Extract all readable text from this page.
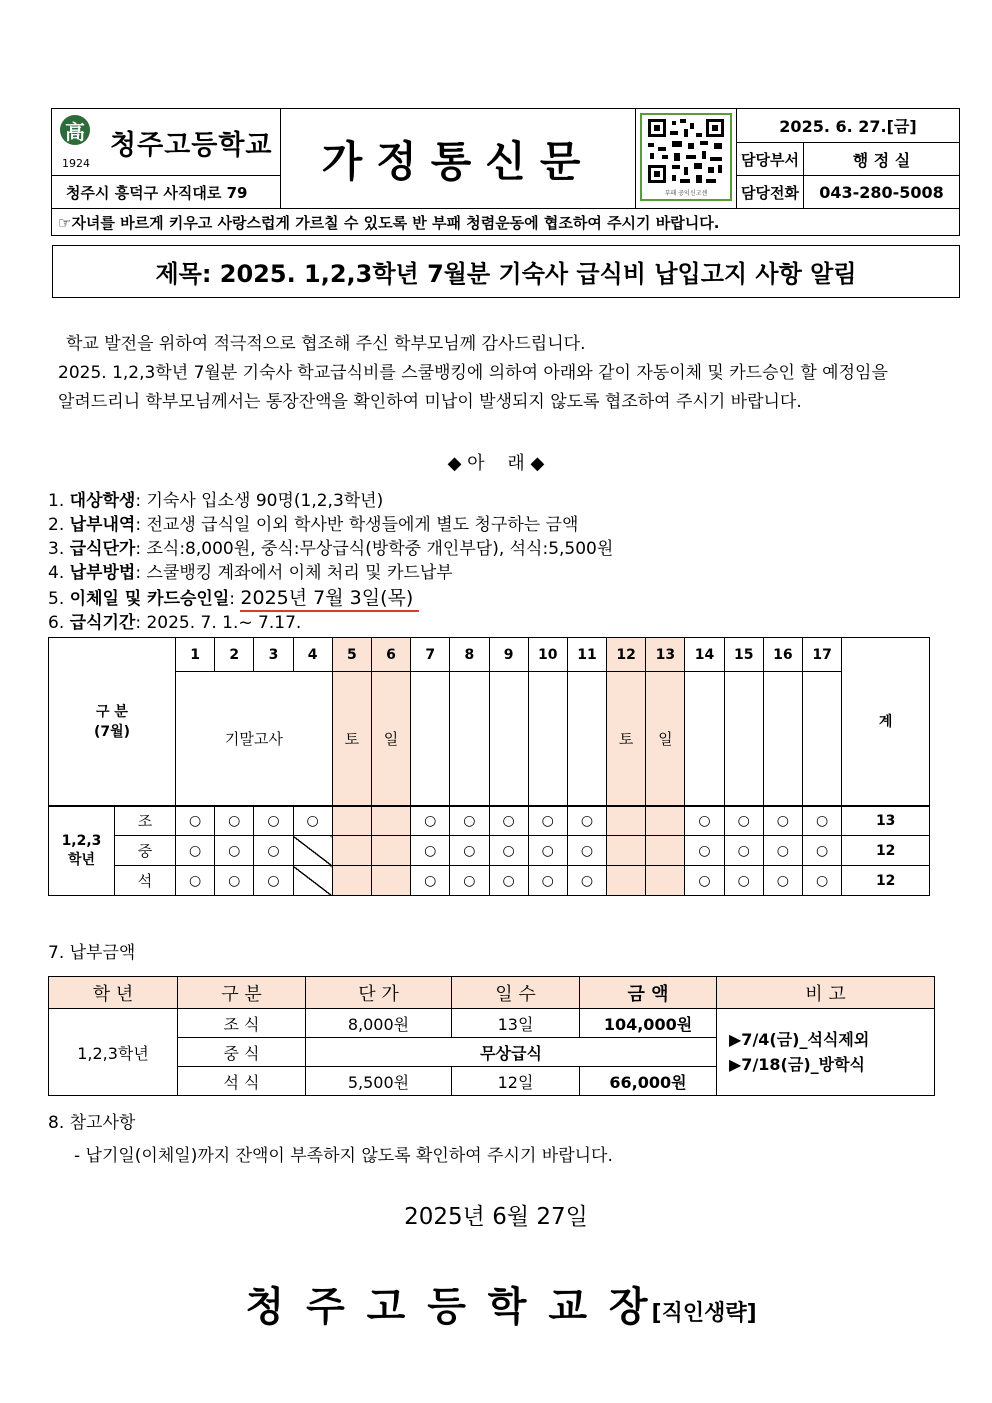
高
1924
청주고등학교	가정통신문	부패 공익신고센	2025. 6. 27.[금]	
			담당부서	행 정 실
청주시 흥덕구 사직대로 79			담당전화	043-280-5008
☞자녀를 바르게 키우고 사랑스럽게 가르칠 수 있도록 반 부패 청렴운동에 협조하여 주시기 바랍니다.				
제목: 2025. 1,2,3학년 7월분 기숙사 급식비 납입고지 사항 알림
학교 발전을 위하여 적극적으로 협조해 주신 학부모님께 감사드립니다.
2025. 1,2,3학년 7월분 기숙사 학교급식비를 스쿨뱅킹에 의하여 아래와 같이 자동이체 및 카드승인 할 예정임을
알려드리니 학부모님께서는 통장잔액을 확인하여 미납이 발생되지 않도록 협조하여 주시기 바랍니다.
◆ 아    래 ◆
1. 대상학생: 기숙사 입소생 90명(1,2,3학년)
2. 납부내역: 전교생 급식일 이외 학사반 학생들에게 별도 청구하는 금액
3. 급식단가: 조식:8,000원, 중식:무상급식(방학중 개인부담), 석식:5,500원
4. 납부방법: 스쿨뱅킹 계좌에서 이체 처리 및 카드납부
5. 이체일 및 카드승인일: 2025년 7월 3일(목)
6. 급식기간: 2025. 7. 1.~ 7.17.
구 분
(7월)		1	2	3	4	5	6	7	8	9	10	11	12	13	14	15	16	17	계
		기말고사				토	일						토	일					
1,2,3
학년	조	○	○	○	○			○	○	○	○	○			○	○	○	○	13
	중	○	○	○				○	○	○	○	○			○	○	○	○	12
	석	○	○	○				○	○	○	○	○			○	○	○	○	12
7. 납부금액
학 년	구 분	단 가	일 수	금 액	비 고
1,2,3학년	조 식	8,000원	13일	104,000원	▶7/4(금)_석식제외
▶7/18(금)_방학식

	중 식	무상급식			
	석 식	5,500원	12일	66,000원	
8. 참고사항
- 납기일(이체일)까지 잔액이 부족하지 않도록 확인하여 주시기 바랍니다.
2025년 6월 27일

청 주 고 등 학 교 장[직인생략]
